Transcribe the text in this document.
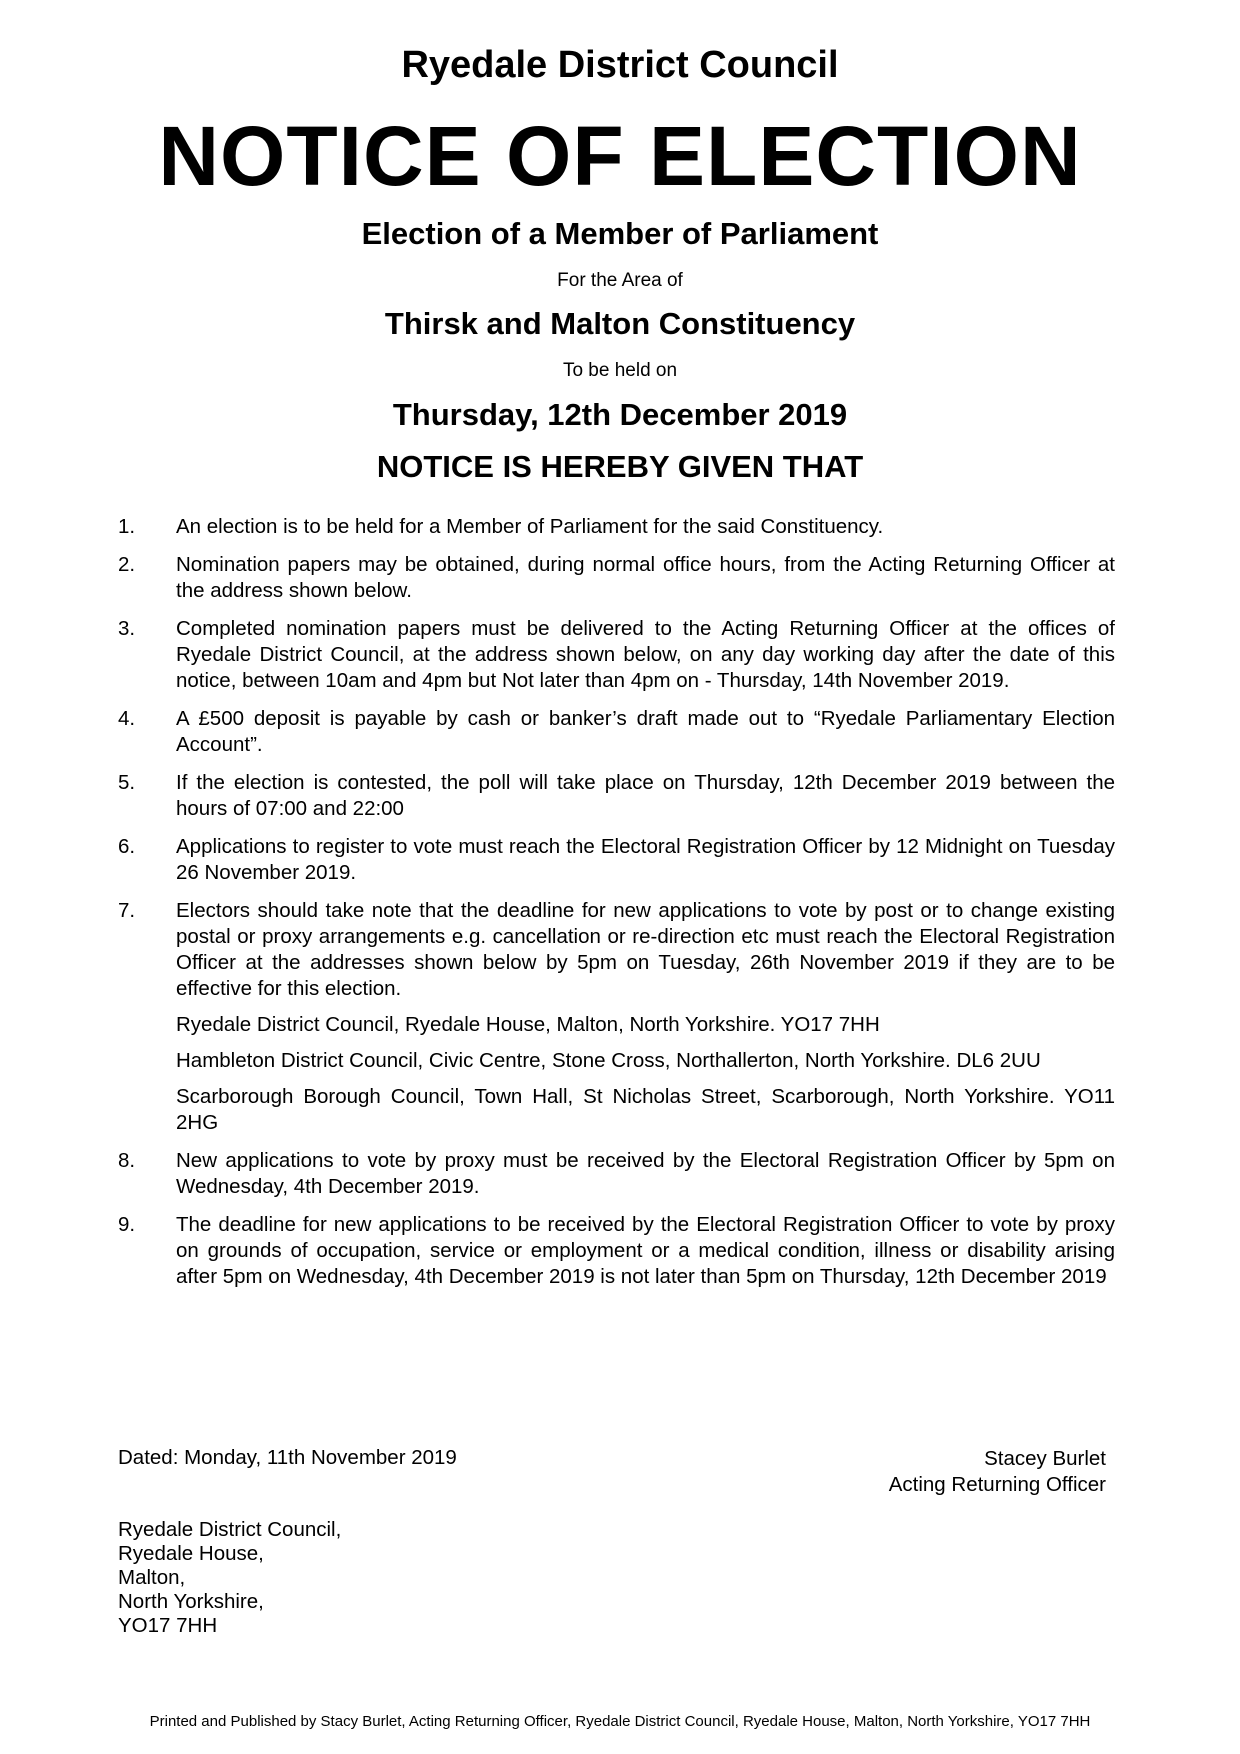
Ryedale District Council
NOTICE OF ELECTION
Election of a Member of Parliament
For the Area of
Thirsk and Malton Constituency
To be held on
Thursday, 12th December 2019
NOTICE IS HEREBY GIVEN THAT
1. An election is to be held for a Member of Parliament for the said Constituency.
2. Nomination papers may be obtained, during normal office hours, from the Acting Returning Officer at the address shown below.
3. Completed nomination papers must be delivered to the Acting Returning Officer at the offices of Ryedale District Council, at the address shown below, on any day working day after the date of this notice, between 10am and 4pm but Not later than 4pm on - Thursday, 14th November 2019.
4. A £500 deposit is payable by cash or banker’s draft made out to “Ryedale Parliamentary Election Account”.
5. If the election is contested, the poll will take place on Thursday, 12th December 2019 between the hours of 07:00 and 22:00
6. Applications to register to vote must reach the Electoral Registration Officer by 12 Midnight on Tuesday 26 November 2019.
7. Electors should take note that the deadline for new applications to vote by post or to change existing postal or proxy arrangements e.g. cancellation or re-direction etc must reach the Electoral Registration Officer at the addresses shown below by 5pm on Tuesday, 26th November 2019 if they are to be effective for this election.
Ryedale District Council, Ryedale House, Malton, North Yorkshire. YO17 7HH
Hambleton District Council, Civic Centre, Stone Cross, Northallerton, North Yorkshire. DL6 2UU
Scarborough Borough Council, Town Hall, St Nicholas Street, Scarborough, North Yorkshire. YO11 2HG
8. New applications to vote by proxy must be received by the Electoral Registration Officer by 5pm on Wednesday, 4th December 2019.
9. The deadline for new applications to be received by the Electoral Registration Officer to vote by proxy on grounds of occupation, service or employment or a medical condition, illness or disability arising after 5pm on Wednesday, 4th December 2019 is not later than 5pm on Thursday, 12th December 2019
Dated: Monday, 11th November 2019	Stacey Burlet
Acting Returning Officer
Ryedale District Council,
Ryedale House,
Malton,
North Yorkshire,
YO17 7HH
Printed and Published by Stacy Burlet, Acting Returning Officer, Ryedale District Council, Ryedale House, Malton, North Yorkshire, YO17 7HH
